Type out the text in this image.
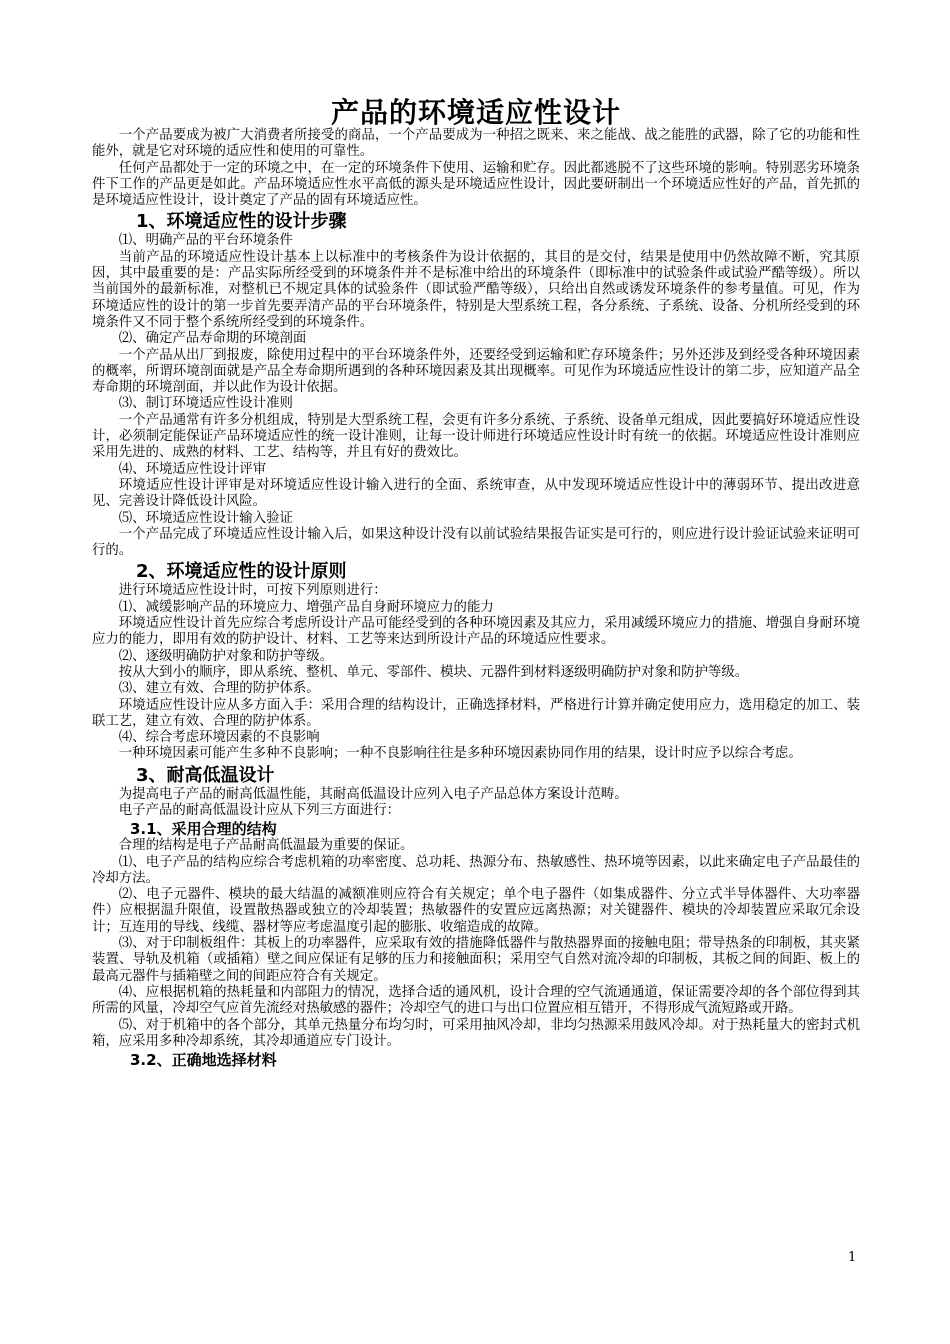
产品的环境适应性设计

一个产品要成为被广大消费者所接受的商品，一个产品要成为一种招之既来、来之能战、战之能胜的武器，除了它的功能和性能外，就是它对环境的适应性和使用的可靠性。

任何产品都处于一定的环境之中，在一定的环境条件下使用、运输和贮存。因此都逃脱不了这些环境的影响。特别恶劣环境条件下工作的产品更是如此。产品环境适应性水平高低的源头是环境适应性设计，因此要研制出一个环境适应性好的产品，首先抓的是环境适应性设计，设计奠定了产品的固有环境适应性。

1、环境适应性的设计步骤

⑴、明确产品的平台环境条件

当前产品的环境适应性设计基本上以标准中的考核条件为设计依据的，其目的是交付，结果是使用中仍然故障不断，究其原因，其中最重要的是：产品实际所经受到的环境条件并不是标准中给出的环境条件（即标准中的试验条件或试验严酷等级）。所以当前国外的最新标准，对整机已不规定具体的试验条件（即试验严酷等级），只给出自然或诱发环境条件的参考量值。可见，作为环境适应性的设计的第一步首先要弄清产品的平台环境条件，特别是大型系统工程，各分系统、子系统、设备、分机所经受到的环境条件又不同于整个系统所经受到的环境条件。

⑵、确定产品寿命期的环境剖面

一个产品从出厂到报废，除使用过程中的平台环境条件外，还要经受到运输和贮存环境条件；另外还涉及到经受各种环境因素的概率，所谓环境剖面就是产品全寿命期所遇到的各种环境因素及其出现概率。可见作为环境适应性设计的第二步，应知道产品全寿命期的环境剖面，并以此作为设计依据。

⑶、制订环境适应性设计准则

一个产品通常有许多分机组成，特别是大型系统工程，会更有许多分系统、子系统、设备单元组成，因此要搞好环境适应性设计，必须制定能保证产品环境适应性的统一设计准则，让每一设计师进行环境适应性设计时有统一的依据。环境适应性设计准则应采用先进的、成熟的材料、工艺、结构等，并且有好的费效比。

⑷、环境适应性设计评审

环境适应性设计评审是对环境适应性设计输入进行的全面、系统审查，从中发现环境适应性设计中的薄弱环节、提出改进意见、完善设计降低设计风险。

⑸、环境适应性设计输入验证

一个产品完成了环境适应性设计输入后，如果这种设计没有以前试验结果报告证实是可行的，则应进行设计验证试验来证明可行的。

2、环境适应性的设计原则

进行环境适应性设计时，可按下列原则进行：

⑴、减缓影响产品的环境应力、增强产品自身耐环境应力的能力

环境适应性设计首先应综合考虑所设计产品可能经受到的各种环境因素及其应力，采用减缓环境应力的措施、增强自身耐环境应力的能力，即用有效的防护设计、材料、工艺等来达到所设计产品的环境适应性要求。

⑵、逐级明确防护对象和防护等级。

按从大到小的顺序，即从系统、整机、单元、零部件、模块、元器件到材料逐级明确防护对象和防护等级。

⑶、建立有效、合理的防护体系。

环境适应性设计应从多方面入手：采用合理的结构设计，正确选择材料，严格进行计算并确定使用应力，选用稳定的加工、装联工艺，建立有效、合理的防护体系。

⑷、综合考虑环境因素的不良影响

一种环境因素可能产生多种不良影响；一种不良影响往往是多种环境因素协同作用的结果，设计时应予以综合考虑。

3、耐高低温设计

为提高电子产品的耐高低温性能，其耐高低温设计应列入电子产品总体方案设计范畴。

电子产品的耐高低温设计应从下列三方面进行：

3.1、采用合理的结构

合理的结构是电子产品耐高低温最为重要的保证。

⑴、电子产品的结构应综合考虑机箱的功率密度、总功耗、热源分布、热敏感性、热环境等因素，以此来确定电子产品最佳的冷却方法。

⑵、电子元器件、模块的最大结温的减额准则应符合有关规定；单个电子器件（如集成器件、分立式半导体器件、大功率器件）应根据温升限值，设置散热器或独立的冷却装置；热敏器件的安置应远离热源；对关键器件、模块的冷却装置应采取冗余设计；互连用的导线、线缆、器材等应考虑温度引起的膨胀、收缩造成的故障。

⑶、对于印制板组件：其板上的功率器件，应采取有效的措施降低器件与散热器界面的接触电阻；带导热条的印制板，其夹紧装置、导轨及机箱（或插箱）壁之间应保证有足够的压力和接触面积；采用空气自然对流冷却的印制板，其板之间的间距、板上的最高元器件与插箱壁之间的间距应符合有关规定。

⑷、应根据机箱的热耗量和内部阻力的情况，选择合适的通风机，设计合理的空气流通通道，保证需要冷却的各个部位得到其所需的风量，冷却空气应首先流经对热敏感的器件；冷却空气的进口与出口位置应相互错开，不得形成气流短路或开路。

⑸、对于机箱中的各个部分，其单元热量分布均匀时，可采用抽风冷却，非均匀热源采用鼓风冷却。对于热耗量大的密封式机箱，应采用多种冷却系统，其冷却通道应专门设计。

3.2、正确地选择材料
1
